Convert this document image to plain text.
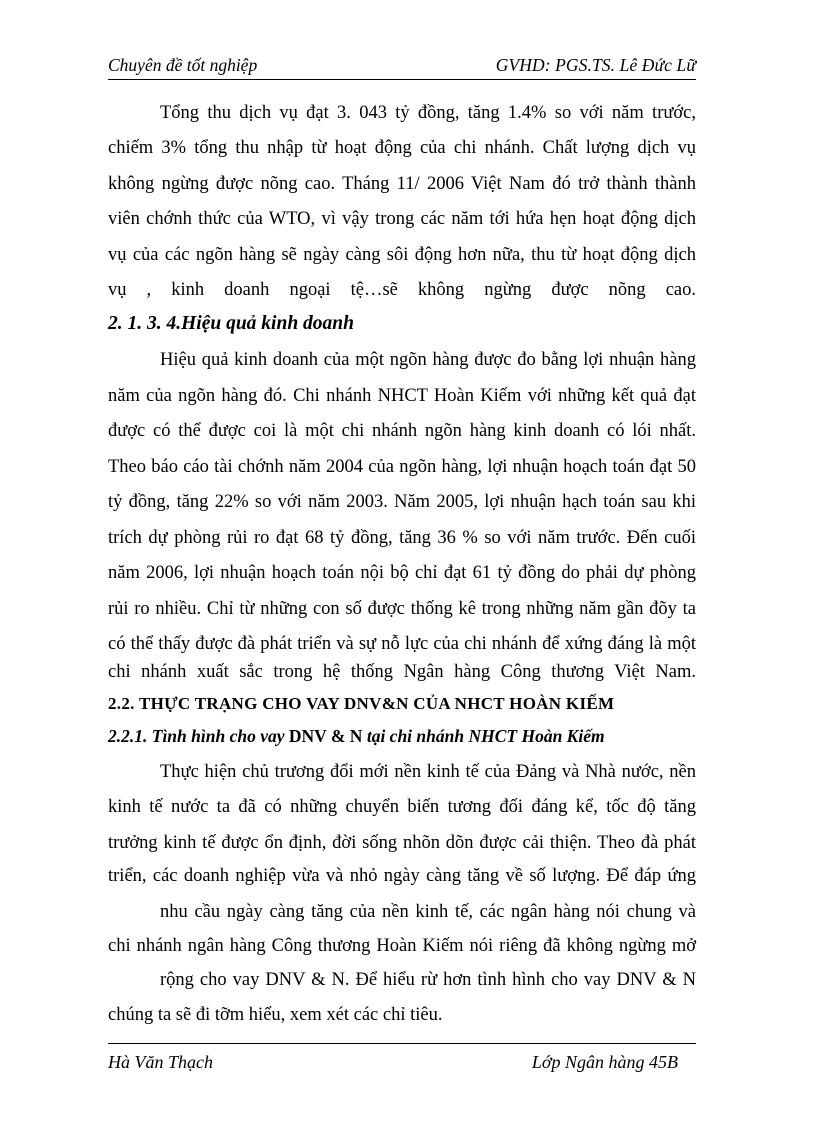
Chuyên đề tốt nghiệp	GVHD: PGS.TS. Lê Đức Lữ
Tổng thu dịch vụ đạt 3. 043 tỷ đồng, tăng 1.4% so với năm trước,
chiếm 3% tổng thu nhập từ hoạt động của chi nhánh. Chất lượng dịch vụ
không ngừng được nõng cao. Tháng 11/ 2006 Việt Nam đó trở thành thành
viên chớnh thức của WTO, vì vậy trong các năm tới hứa hẹn hoạt động dịch
vụ của các ngõn hàng sẽ ngày càng sôi động hơn nữa, thu từ hoạt động dịch
vụ , kinh doanh ngoại tệ…sẽ không ngừng được nõng cao.
2. 1. 3. 4.Hiệu quả kinh doanh
Hiệu quả kinh doanh của một ngõn hàng được đo bằng lợi nhuận hàng
năm của ngõn hàng đó. Chi nhánh NHCT Hoàn Kiếm với những kết quả đạt
được có thể được coi là một chi nhánh ngõn hàng kinh doanh có lói nhất.
Theo báo cáo tài chớnh năm 2004 của ngõn hàng, lợi nhuận hoạch toán đạt 50
tỷ đồng, tăng 22% so với năm 2003. Năm 2005, lợi nhuận hạch toán sau khi
trích dự phòng rủi ro đạt 68 tỷ đồng, tăng 36 % so với năm trước. Đến cuối
năm 2006, lợi nhuận hoạch toán nội bộ chỉ đạt 61 tỷ đồng do phải dự phòng
rủi ro nhiều. Chỉ từ những con số được thống kê trong những năm gần đõy ta
có thể thấy được đà phát triển và sự nỗ lực của chi nhánh để xứng đáng là một
chi nhánh xuất sắc trong hệ thống Ngân hàng Công thương Việt Nam.
2.2. THỰC TRẠNG CHO VAY DNV&N CỦA NHCT HOÀN KIẾM
2.2.1. Tình hình cho vay DNV & N tại chi nhánh NHCT Hoàn Kiếm
Thực hiện chủ trương đổi mới nền kinh tế của Đảng và Nhà nước, nền
kinh tế nước ta đã có những chuyển biến tương đối đáng kể, tốc độ tăng
trưởng kinh tế được ổn định, đời sống nhõn dõn được cải thiện. Theo đà phát
triển, các doanh nghiệp vừa và nhỏ ngày càng tăng về số lượng. Để đáp ứng
nhu cầu ngày càng tăng của nền kinh tế, các ngân hàng nói chung và
chi nhánh ngân hàng Công thương Hoàn Kiếm nói riêng đã không ngừng mở
rộng cho vay DNV & N. Để hiểu rừ hơn tình hình cho vay DNV & N
chúng ta sẽ đi tỡm hiểu, xem xét các chỉ tiêu.
Hà Văn Thạch	Lớp Ngân hàng 45B
